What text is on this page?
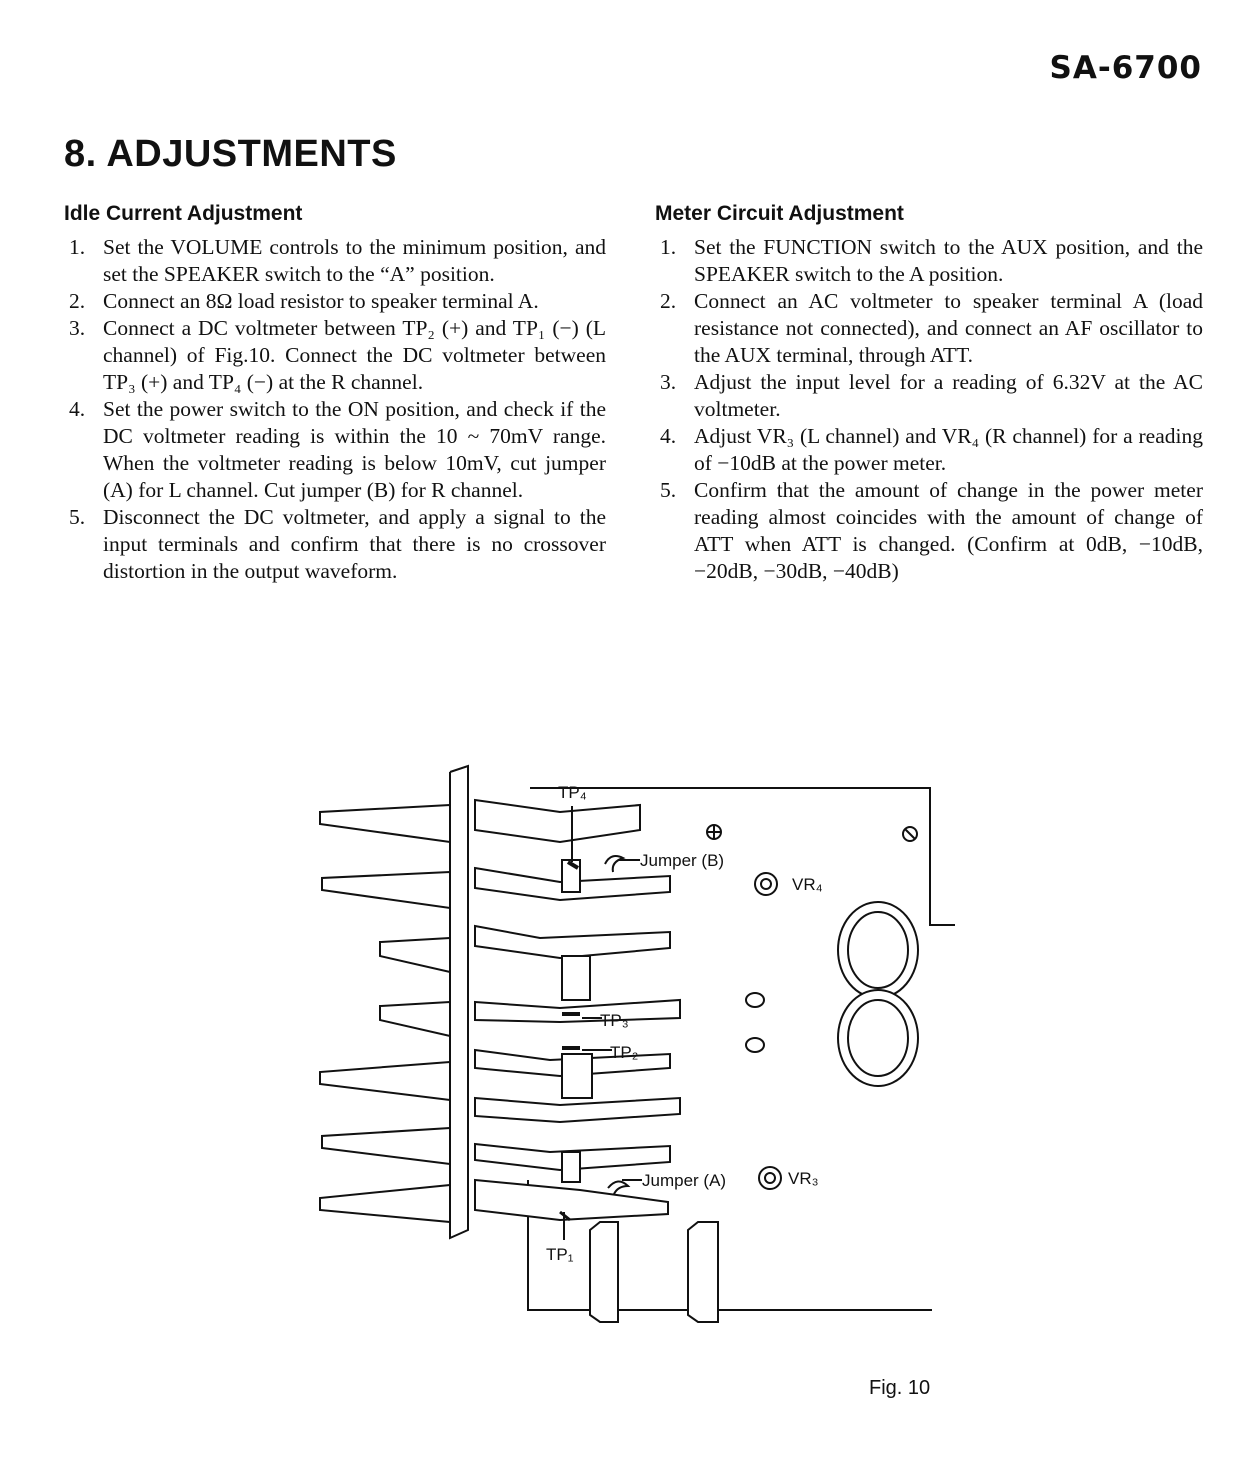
SA-6700
8. ADJUSTMENTS
Idle Current Adjustment
1. Set the VOLUME controls to the minimum position, and set the SPEAKER switch to the “A” position.
2. Connect an 8Ω load resistor to speaker terminal A.
3. Connect a DC voltmeter between TP₂ (+) and TP₁ (−) (L channel) of Fig.10. Connect the DC voltmeter between TP₃ (+) and TP₄ (−) at the R channel.
4. Set the power switch to the ON position, and check if the DC voltmeter reading is within the 10 ~ 70mV range. When the voltmeter reading is below 10mV, cut jumper (A) for L channel. Cut jumper (B) for R channel.
5. Disconnect the DC voltmeter, and apply a signal to the input terminals and confirm that there is no crossover distortion in the output waveform.
Meter Circuit Adjustment
1. Set the FUNCTION switch to the AUX position, and the SPEAKER switch to the A position.
2. Connect an AC voltmeter to speaker terminal A (load resistance not connected), and connect an AF oscillator to the AUX terminal, through ATT.
3. Adjust the input level for a reading of 6.32V at the AC voltmeter.
4. Adjust VR₃ (L channel) and VR₄ (R channel) for a reading of −10dB at the power meter.
5. Confirm that the amount of change in the power meter reading almost coincides with the amount of change of ATT when ATT is changed. (Confirm at 0dB, −10dB, −20dB, −30dB, −40dB)
TP₄
Jumper (B)
VR₄
TP₃
TP₂
Jumper (A)	VR₃
TP₁
Fig. 10
